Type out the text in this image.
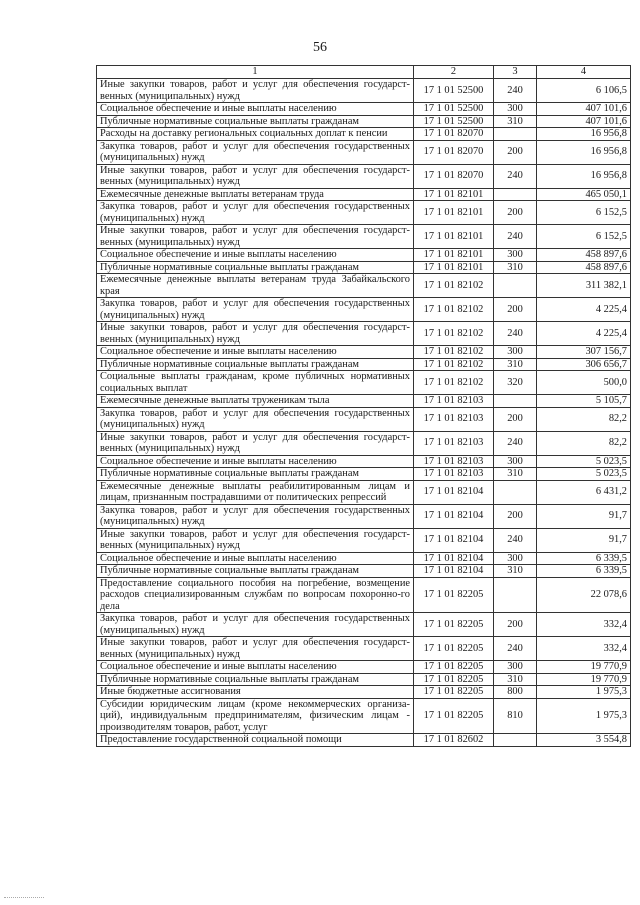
56
1	2	3	4
Иные закупки товаров, работ и услуг для обеспечения государст-венных (муниципальных) нужд	17 1 01 52500	240	6 106,5
Социальное обеспечение и иные выплаты населению	17 1 01 52500	300	407 101,6
Публичные нормативные социальные выплаты гражданам	17 1 01 52500	310	407 101,6
Расходы на доставку региональных социальных доплат к пенсии	17 1 01 82070		16 956,8
Закупка товаров, работ и услуг для обеспечения государственных (муниципальных) нужд	17 1 01 82070	200	16 956,8
Иные закупки товаров, работ и услуг для обеспечения государст-венных (муниципальных) нужд	17 1 01 82070	240	16 956,8
Ежемесячные денежные выплаты ветеранам труда	17 1 01 82101		465 050,1
Закупка товаров, работ и услуг для обеспечения государственных (муниципальных) нужд	17 1 01 82101	200	6 152,5
Иные закупки товаров, работ и услуг для обеспечения государст-венных (муниципальных) нужд	17 1 01 82101	240	6 152,5
Социальное обеспечение и иные выплаты населению	17 1 01 82101	300	458 897,6
Публичные нормативные социальные выплаты гражданам	17 1 01 82101	310	458 897,6
Ежемесячные денежные выплаты ветеранам труда Забайкальского края	17 1 01 82102		311 382,1
Закупка товаров, работ и услуг для обеспечения государственных (муниципальных) нужд	17 1 01 82102	200	4 225,4
Иные закупки товаров, работ и услуг для обеспечения государст-венных (муниципальных) нужд	17 1 01 82102	240	4 225,4
Социальное обеспечение и иные выплаты населению	17 1 01 82102	300	307 156,7
Публичные нормативные социальные выплаты гражданам	17 1 01 82102	310	306 656,7
Социальные выплаты гражданам, кроме публичных нормативных социальных выплат	17 1 01 82102	320	500,0
Ежемесячные денежные выплаты труженикам тыла	17 1 01 82103		5 105,7
Закупка товаров, работ и услуг для обеспечения государственных (муниципальных) нужд	17 1 01 82103	200	82,2
Иные закупки товаров, работ и услуг для обеспечения государст-венных (муниципальных) нужд	17 1 01 82103	240	82,2
Социальное обеспечение и иные выплаты населению	17 1 01 82103	300	5 023,5
Публичные нормативные социальные выплаты гражданам	17 1 01 82103	310	5 023,5
Ежемесячные денежные выплаты реабилитированным лицам и лицам, признанным пострадавшими от политических репрессий	17 1 01 82104		6 431,2
Закупка товаров, работ и услуг для обеспечения государственных (муниципальных) нужд	17 1 01 82104	200	91,7
Иные закупки товаров, работ и услуг для обеспечения государст-венных (муниципальных) нужд	17 1 01 82104	240	91,7
Социальное обеспечение и иные выплаты населению	17 1 01 82104	300	6 339,5
Публичные нормативные социальные выплаты гражданам	17 1 01 82104	310	6 339,5
Предоставление социального пособия на погребение, возмещение расходов специализированным службам по вопросам похоронно-го дела	17 1 01 82205		22 078,6
Закупка товаров, работ и услуг для обеспечения государственных (муниципальных) нужд	17 1 01 82205	200	332,4
Иные закупки товаров, работ и услуг для обеспечения государст-венных (муниципальных) нужд	17 1 01 82205	240	332,4
Социальное обеспечение и иные выплаты населению	17 1 01 82205	300	19 770,9
Публичные нормативные социальные выплаты гражданам	17 1 01 82205	310	19 770,9
Иные бюджетные ассигнования	17 1 01 82205	800	1 975,3
Субсидии юридическим лицам (кроме некоммерческих организа-ций), индивидуальным предпринимателям, физическим лицам - производителям товаров, работ, услуг	17 1 01 82205	810	1 975,3
Предоставление государственной социальной помощи	17 1 01 82602		3 554,8
